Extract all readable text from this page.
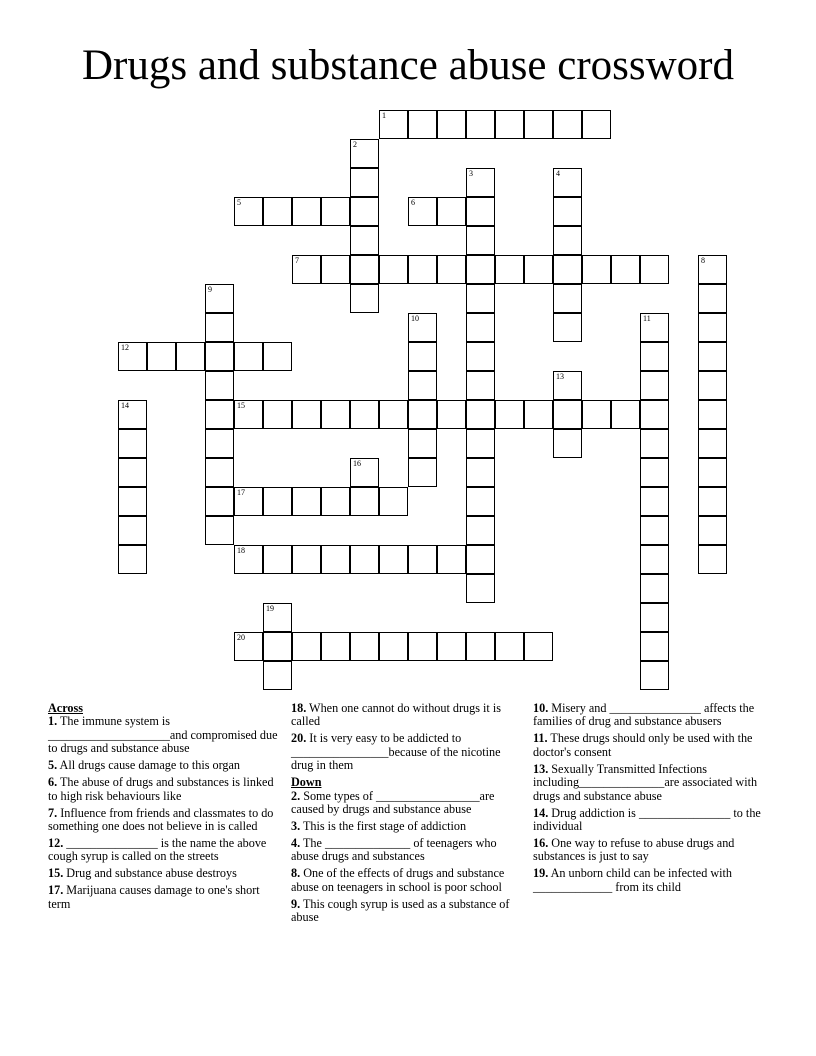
Drugs and substance abuse crossword
1
2
3	4
5	6
7	8
9
10	11
12
13
14	15
16
17
18
19
20
Across
1. The immune system is ____________________and compromised due to drugs and substance abuse
5. All drugs cause damage to this organ
6. The abuse of drugs and substances is linked to high risk behaviours like
7. Influence from friends and classmates to do something one does not believe in is called
12. _______________ is the name the above cough syrup is called on the streets
15. Drug and substance abuse destroys
17. Marijuana causes damage to one's short term
18. When one cannot do without drugs it is called
20. It is very easy to be addicted to ________________because of the nicotine drug in them
Down
2. Some types of _________________are caused by drugs and substance abuse
3. This is the first stage of addiction
4. The ______________ of teenagers who abuse drugs and substances
8. One of the effects of drugs and substance abuse on teenagers in school is poor school
9. This cough syrup is used as a substance of abuse
10. Misery and _______________ affects the families of drug and substance abusers
11. These drugs should only be used with the doctor's consent
13. Sexually Transmitted Infections including______________are associated with drugs and substance abuse
14. Drug addiction is _______________ to the individual
16. One way to refuse to abuse drugs and substances is just to say
19. An unborn child can be infected with _____________ from its child
